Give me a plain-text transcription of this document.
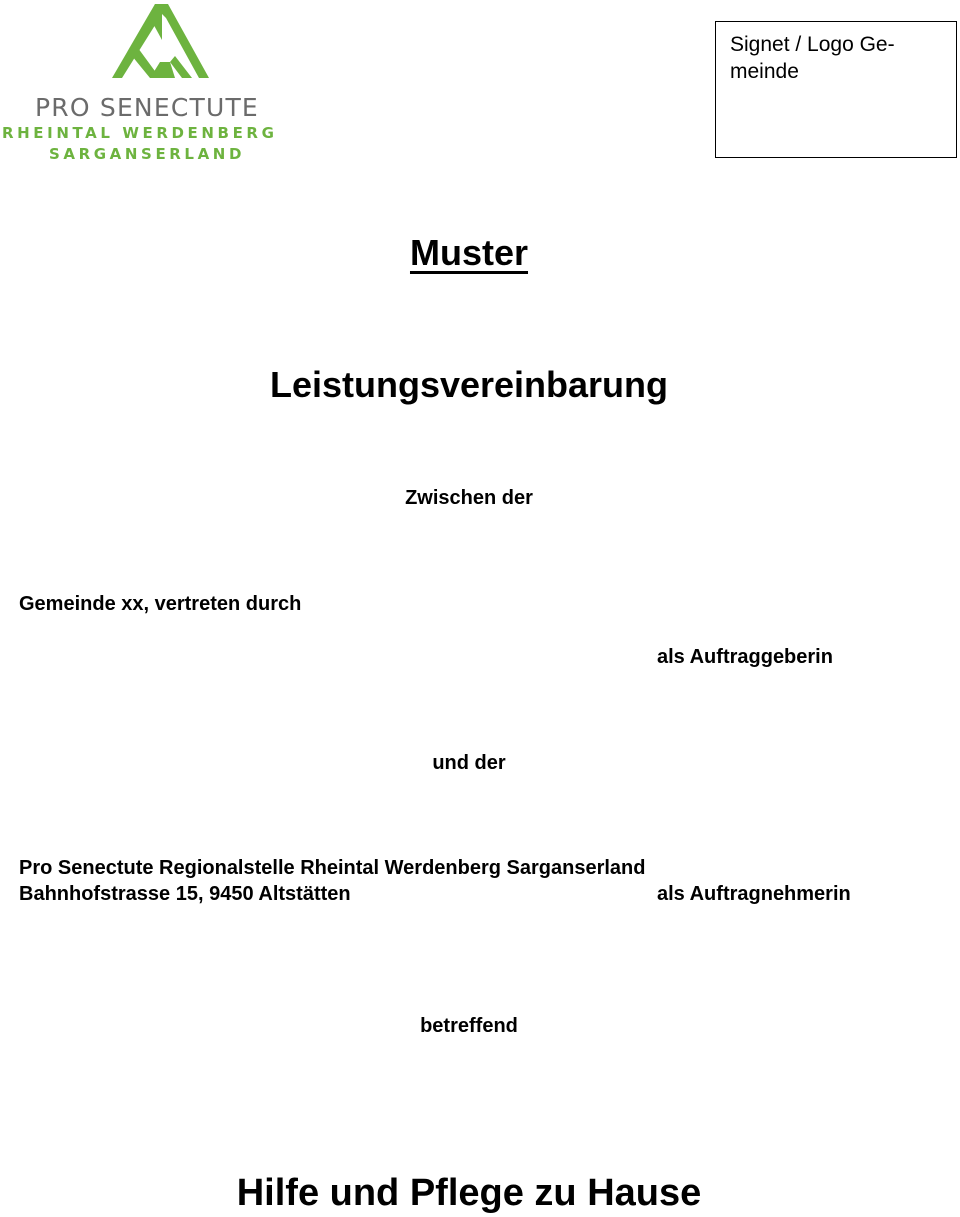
PRO SENECTUTE
RHEINTAL WERDENBERG
SARGANSERLAND
Signet / Logo Ge-
meinde
Muster
Leistungsvereinbarung
Zwischen der
Gemeinde xx, vertreten durch
als Auftraggeberin
und der
Pro Senectute Regionalstelle Rheintal Werdenberg Sarganserland
Bahnhofstrasse 15, 9450 Altstätten	als Auftragnehmerin
betreffend
Hilfe und Pflege zu Hause
